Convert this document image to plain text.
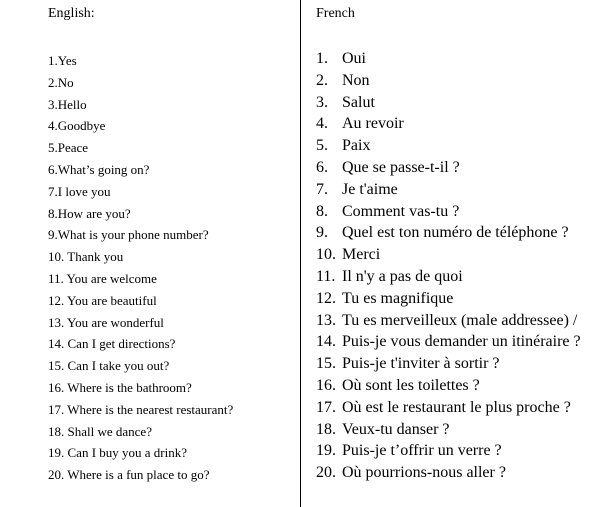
English:
1.Yes
2.No
3.Hello
4.Goodbye
5.Peace
6.What’s going on?
7.I love you
8.How are you?
9.What is your phone number?
10. Thank you
11. You are welcome
12. You are beautiful
13. You are wonderful
14. Can I get directions?
15. Can I take you out?
16. Where is the bathroom?
17. Where is the nearest restaurant?
18. Shall we dance?
19. Can I buy you a drink?
20. Where is a fun place to go?
French
1. Oui
2. Non
3. Salut
4. Au revoir
5. Paix
6. Que se passe-t-il ?
7. Je t'aime
8. Comment vas-tu ?
9. Quel est ton numéro de téléphone ?
10. Merci
11. Il n'y a pas de quoi
12. Tu es magnifique
13. Tu es merveilleux (male addressee) /
14. Puis-je vous demander un itinéraire ?
15. Puis-je t'inviter à sortir ?
16. Où sont les toilettes ?
17. Où est le restaurant le plus proche ?
18. Veux-tu danser ?
19. Puis-je t’offrir un verre ?
20. Où pourrions-nous aller ?
